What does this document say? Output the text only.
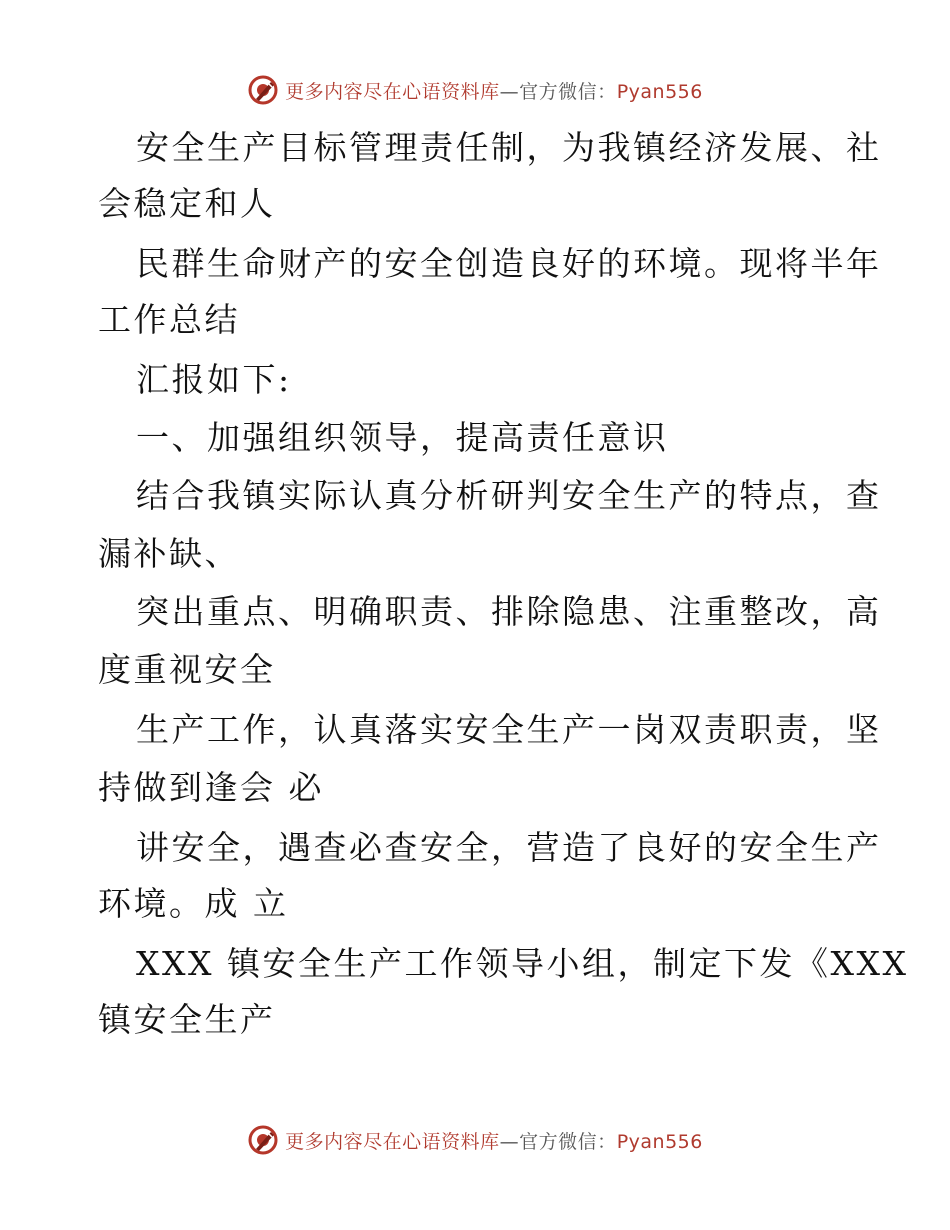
更多内容尽在心语资料库—官方微信：Pyan556
安全生产目标管理责任制，为我镇经济发展、社
会稳定和人
民群生命财产的安全创造良好的环境。现将半年
工作总结
汇报如下:
一、加强组织领导，提高责任意识
结合我镇实际认真分析研判安全生产的特点，查
漏补缺、
突出重点、明确职责、排除隐患、注重整改，高
度重视安全
生产工作，认真落实安全生产一岗双责职责，坚
持做到逢会 必
讲安全，遇查必查安全，营造了良好的安全生产
环境。成 立
XXX 镇安全生产工作领导小组，制定下发《XXX
镇安全生产
更多内容尽在心语资料库—官方微信：Pyan556
